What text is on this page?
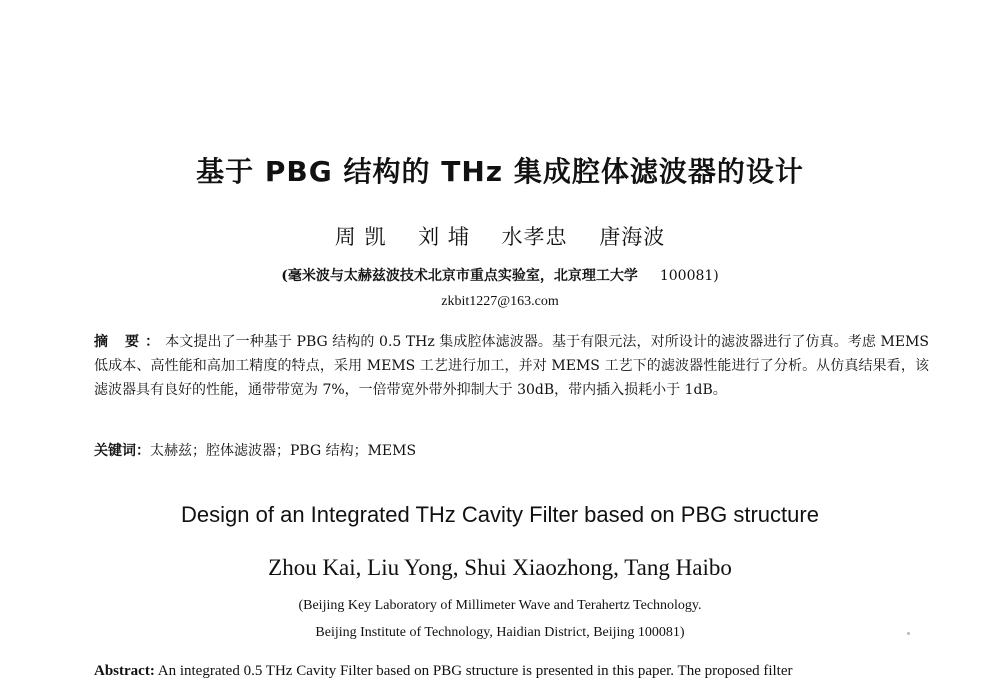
基于 PBG 结构的 THz 集成腔体滤波器的设计
周 凯 刘 埔 水孝忠 唐海波
(毫米波与太赫兹波技术北京市重点实验室，北京理工大学 100081)
zkbit1227@163.com
摘 要：本文提出了一种基于 PBG 结构的 0.5 THz 集成腔体滤波器。基于有限元法，对所设计的滤波器进行了仿真。考虑 MEMS 低成本、高性能和高加工精度的特点，采用 MEMS 工艺进行加工，并对 MEMS 工艺下的滤波器性能进行了分析。从仿真结果看，该滤波器具有良好的性能，通带带宽为 7%，一倍带宽外带外抑制大于 30dB，带内插入损耗小于 1dB。
关键词：太赫兹；腔体滤波器；PBG 结构；MEMS
Design of an Integrated THz Cavity Filter based on PBG structure
Zhou Kai, Liu Yong, Shui Xiaozhong, Tang Haibo
(Beijing Key Laboratory of Millimeter Wave and Terahertz Technology.
Beijing Institute of Technology, Haidian District, Beijing 100081)
Abstract: An integrated 0.5 THz Cavity Filter based on PBG structure is presented in this paper. The proposed filter
